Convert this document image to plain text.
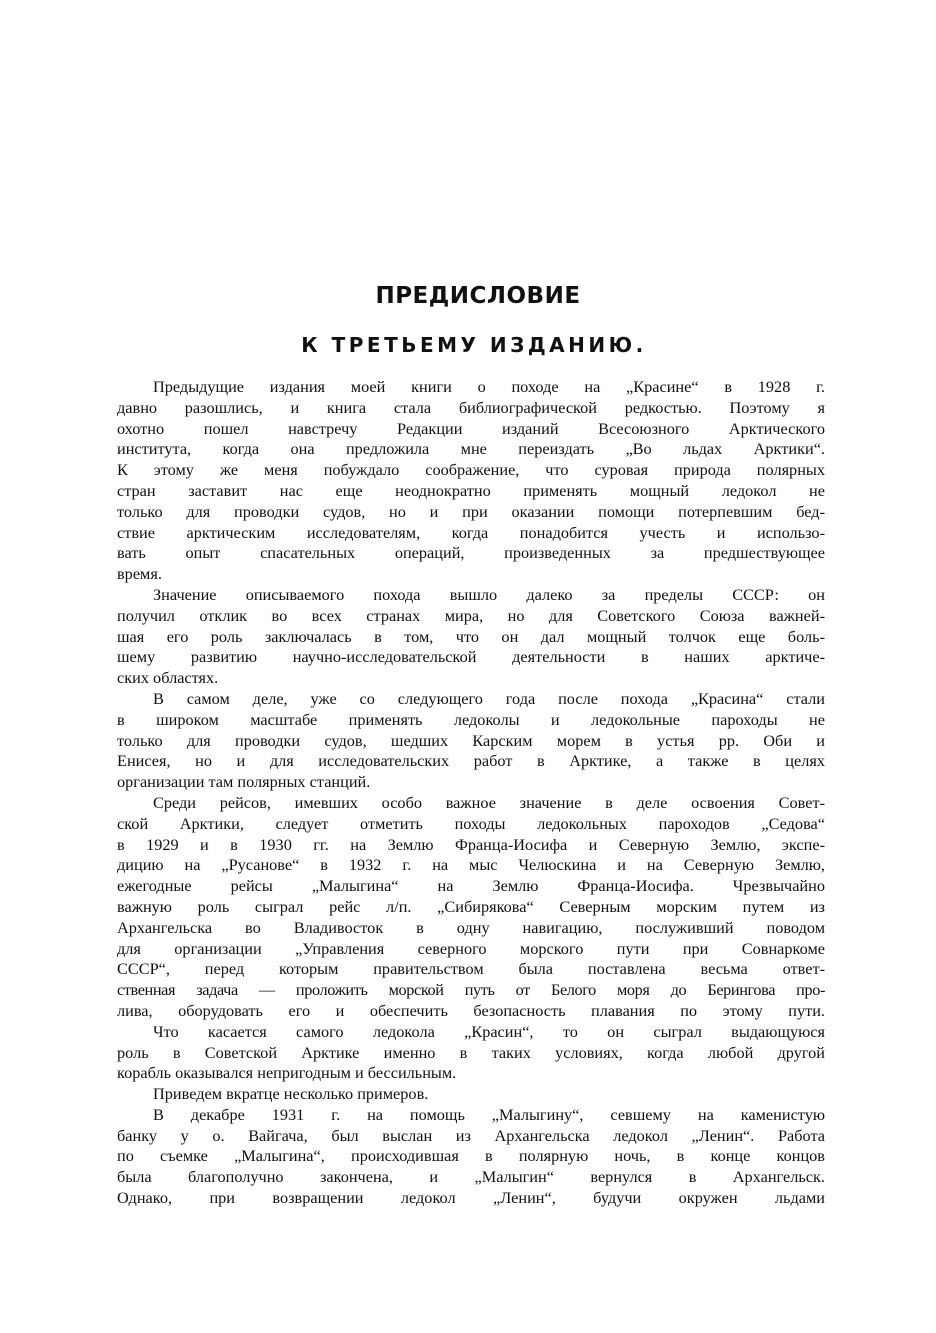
ПРЕДИСЛОВИЕ
К ТРЕТЬЕМУ ИЗДАНИЮ.
Предыдущие издания моей книги о походе на „Красине“ в 1928 г.
давно разошлись, и книга стала библиографической редкостью. Поэтому я
охотно пошел навстречу Редакции изданий Всесоюзного Арктического
института, когда она предложила мне переиздать „Во льдах Арктики“.
К этому же меня побуждало соображение, что суровая природа полярных
стран заставит нас еще неоднократно применять мощный ледокол не
только для проводки судов, но и при оказании помощи потерпевшим бед-
ствие арктическим исследователям, когда понадобится учесть и использо-
вать опыт спасательных операций, произведенных за предшествующее
время.
Значение описываемого похода вышло далеко за пределы СССР: он
получил отклик во всех странах мира, но для Советского Союза важней-
шая его роль заключалась в том, что он дал мощный толчок еще боль-
шему развитию научно-исследовательской деятельности в наших арктиче-
ских областях.
В самом деле, уже со следующего года после похода „Красина“ стали
в широком масштабе применять ледоколы и ледокольные пароходы не
только для проводки судов, шедших Карским морем в устья рр. Оби и
Енисея, но и для исследовательских работ в Арктике, а также в целях
организации там полярных станций.
Среди рейсов, имевших особо важное значение в деле освоения Совет-
ской Арктики, следует отметить походы ледокольных пароходов „Седова“
в 1929 и в 1930 гг. на Землю Франца-Иосифа и Северную Землю, экспе-
дицию на „Русанове“ в 1932 г. на мыс Челюскина и на Северную Землю,
ежегодные рейсы „Малыгина“ на Землю Франца-Иосифа. Чрезвычайно
важную роль сыграл рейс л/п. „Сибирякова“ Северным морским путем из
Архангельска во Владивосток в одну навигацию, послуживший поводом
для организации „Управления северного морского пути при Совнаркоме
СССР“, перед которым правительством была поставлена весьма ответ-
ственная задача — проложить морской путь от Белого моря до Берингова про-
лива, оборудовать его и обеспечить безопасность плавания по этому пути.
Что касается самого ледокола „Красин“, то он сыграл выдающуюся
роль в Советской Арктике именно в таких условиях, когда любой другой
корабль оказывался непригодным и бессильным.
Приведем вкратце несколько примеров.
В декабре 1931 г. на помощь „Малыгину“, севшему на каменистую
банку у о. Вайгача, был выслан из Архангельска ледокол „Ленин“. Работа
по съемке „Малыгина“, происходившая в полярную ночь, в конце концов
была благополучно закончена, и „Малыгин“ вернулся в Архангельск.
Однако, при возвращении ледокол „Ленин“, будучи окружен льдами
